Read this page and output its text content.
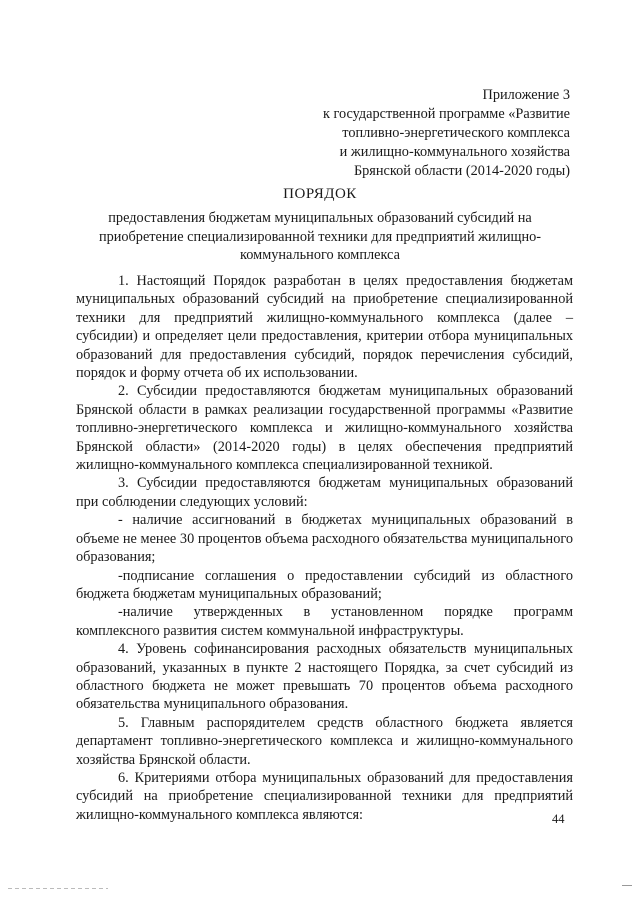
Приложение 3
к государственной программе «Развитие
топливно-энергетического комплекса
и жилищно-коммунального хозяйства
Брянской области (2014-2020 годы)
ПОРЯДОК
предоставления бюджетам муниципальных образований субсидий на приобретение специализированной техники для предприятий жилищно-коммунального комплекса

1. Настоящий Порядок разработан в целях предоставления бюджетам муниципальных образований субсидий на приобретение специализированной техники для предприятий жилищно-коммунального комплекса (далее – субсидии) и определяет цели предоставления, критерии отбора муниципальных образований для предоставления субсидий, порядок перечисления субсидий, порядок и форму отчета об их использовании.

2. Субсидии предоставляются бюджетам муниципальных образований Брянской области в рамках реализации государственной программы «Развитие топливно-энергетического комплекса и жилищно-коммунального хозяйства Брянской области» (2014-2020 годы) в целях обеспечения предприятий жилищно-коммунального комплекса специализированной техникой.

3. Субсидии предоставляются бюджетам муниципальных образований при соблюдении следующих условий:

- наличие ассигнований в бюджетах муниципальных образований в объеме не менее 30 процентов объема расходного обязательства муниципального образования;

-подписание соглашения о предоставлении субсидий из областного бюджета бюджетам муниципальных образований;

-наличие утвержденных в установленном порядке программ комплексного развития систем коммунальной инфраструктуры.

4. Уровень софинансирования расходных обязательств муниципальных образований, указанных в пункте 2 настоящего Порядка, за счет субсидий из областного бюджета не может превышать 70 процентов объема расходного обязательства муниципального образования.

5. Главным распорядителем средств областного бюджета является департамент топливно-энергетического комплекса и жилищно-коммунального хозяйства Брянской области.

6. Критериями отбора муниципальных образований для предоставления субсидий на приобретение специализированной техники для предприятий жилищно-коммунального комплекса являются:	44
